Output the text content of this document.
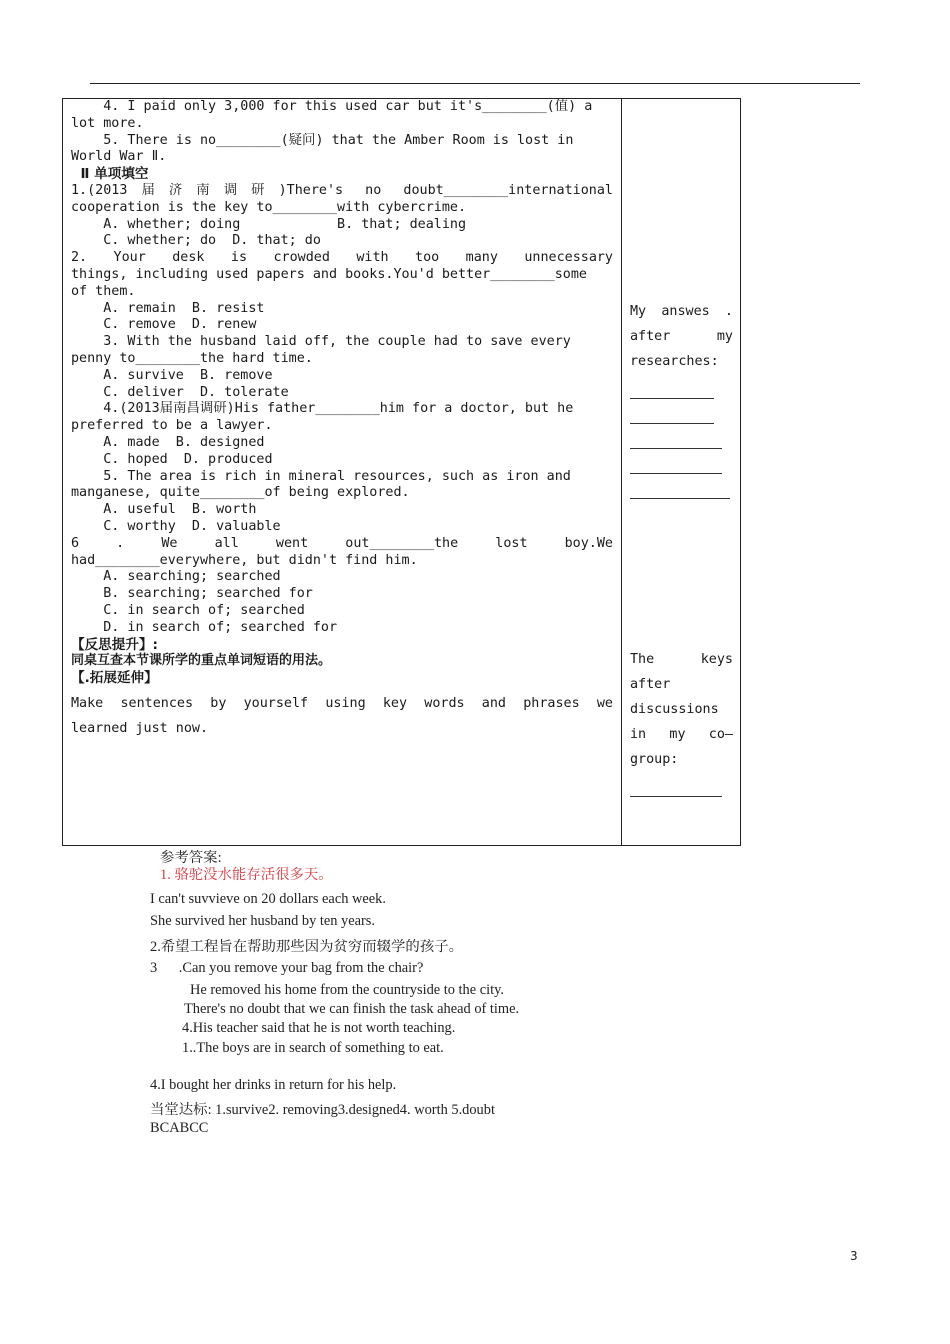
4. I paid only 3,000 for this used car but it's________(值) a
lot more.
5. There is no________(疑问) that the Amber Room is lost in
World War Ⅱ.
Ⅱ 单项填空
1.(2013届济南调研)There's no doubt________international
cooperation is the key to________with cybercrime.
A. whether; doing            B. that; dealing
C. whether; do  D. that; do
2. Your desk is crowded with too many unnecessary
things, including used papers and books.You'd better________some
of them.
A. remain  B. resist
C. remove  D. renew
3. With the husband laid off, the couple had to save every
penny to________the hard time.
A. survive  B. remove
C. deliver  D. tolerate
4.(2013届南昌调研)His father________him for a doctor, but he
preferred to be a lawyer.
A. made  B. designed
C. hoped  D. produced
5. The area is rich in mineral resources, such as iron and
manganese, quite________of being explored.
A. useful  B. worth
C. worthy  D. valuable
6 . We all went out________the lost boy.We
had________everywhere, but didn't find him.
A. searching; searched
B. searching; searched for
C. in search of; searched
D. in search of; searched for
【反思提升】:
同桌互查本节课所学的重点单词短语的用法。
【.拓展延伸】
Make sentences by yourself using key words and phrases we
learned just now.
My answes .
after my
researches:
The keys
after
discussions
in my co—
group:
参考答案:
1. 骆驼没水能存活很多天。
I can't suvvieve on 20 dollars each week.
She survived her husband by ten years.
2.希望工程旨在帮助那些因为贫穷而辍学的孩子。
3      .Can you remove your bag from the chair?
He removed his home from the countryside to the city.
There's no doubt that we can finish the task ahead of time.
4.His teacher said that he is not worth teaching.
1..The boys are in search of something to eat.
4.I bought her drinks in return for his help.
当堂达标: 1.survive2. removing3.designed4. worth 5.doubt
BCABCC
3
